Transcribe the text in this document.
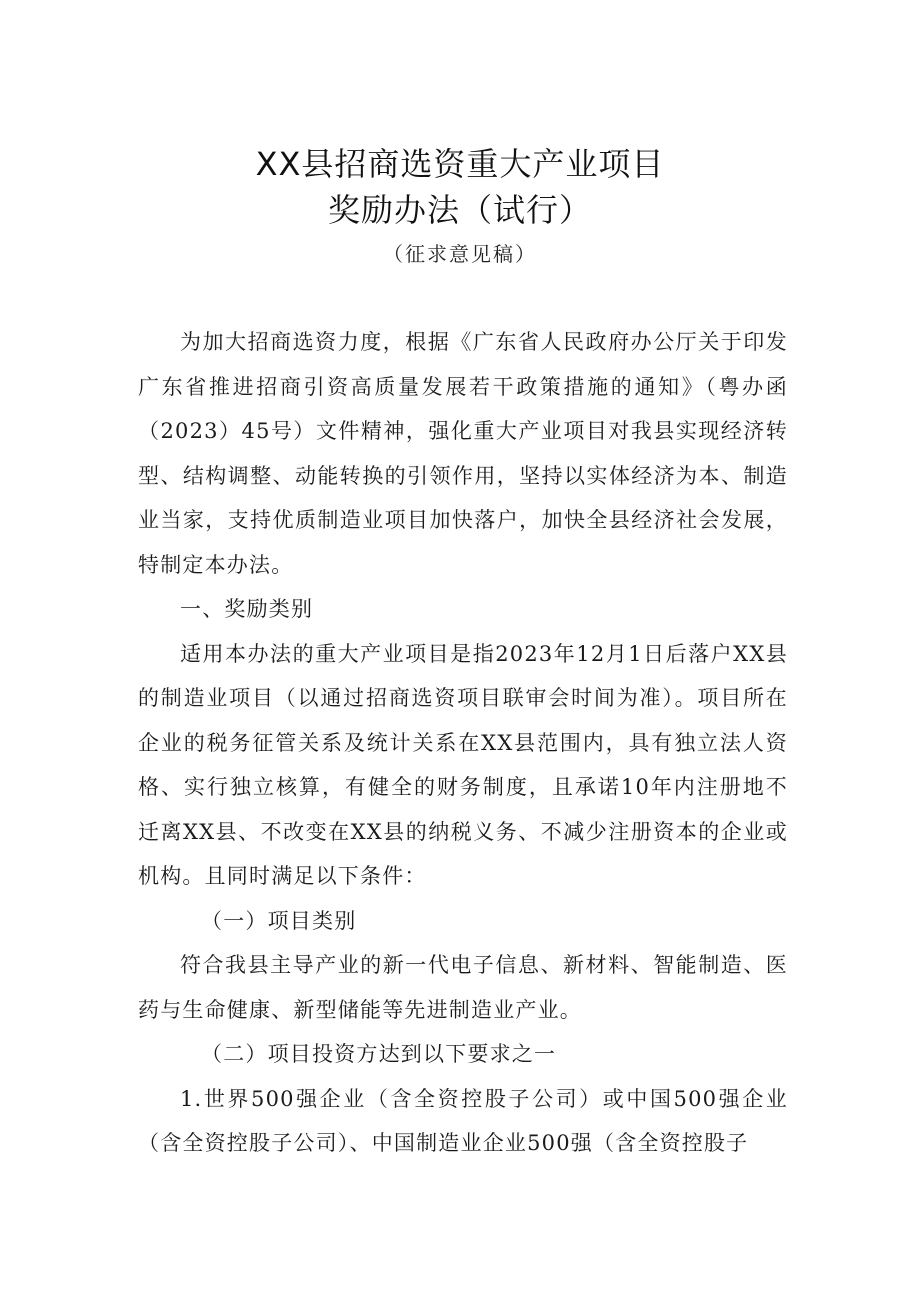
XX县招商选资重大产业项目
奖励办法（试行）
（征求意见稿）

为加大招商选资力度，根据《广东省人民政府办公厅关于印发广东省推进招商引资高质量发展若干政策措施的通知》（粤办函（2023）45号）文件精神，强化重大产业项目对我县实现经济转型、结构调整、动能转换的引领作用，坚持以实体经济为本、制造业当家，支持优质制造业项目加快落户，加快全县经济社会发展，特制定本办法。

一、奖励类别

适用本办法的重大产业项目是指2023年12月1日后落户XX县的制造业项目（以通过招商选资项目联审会时间为准）。项目所在企业的税务征管关系及统计关系在XX县范围内，具有独立法人资格、实行独立核算，有健全的财务制度，且承诺10年内注册地不迁离XX县、不改变在XX县的纳税义务、不减少注册资本的企业或机构。且同时满足以下条件：

（一）项目类别

符合我县主导产业的新一代电子信息、新材料、智能制造、医药与生命健康、新型储能等先进制造业产业。

（二）项目投资方达到以下要求之一

1.世界500强企业（含全资控股子公司）或中国500强企业（含全资控股子公司）、中国制造业企业500强（含全资控股子
